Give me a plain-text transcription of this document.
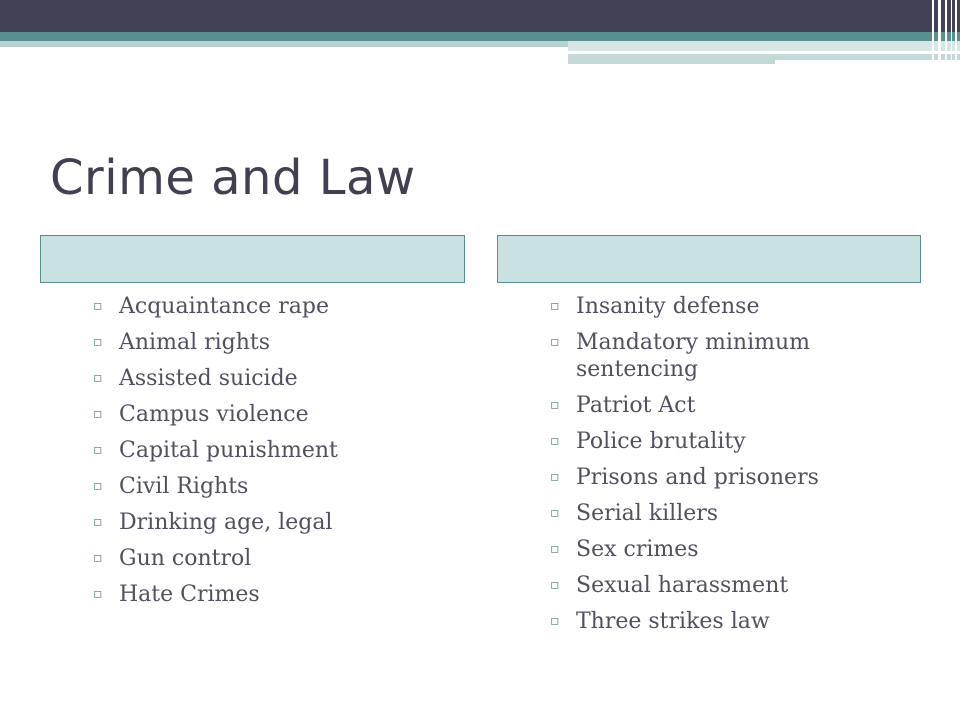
Crime and Law
▫ Acquaintance rape
▫ Animal rights
▫ Assisted suicide
▫ Campus violence
▫ Capital punishment
▫ Civil Rights
▫ Drinking age, legal
▫ Gun control
▫ Hate Crimes
▫ Insanity defense
▫ Mandatory minimum sentencing
▫ Patriot Act
▫ Police brutality
▫ Prisons and prisoners
▫ Serial killers
▫ Sex crimes
▫ Sexual harassment
▫ Three strikes law
